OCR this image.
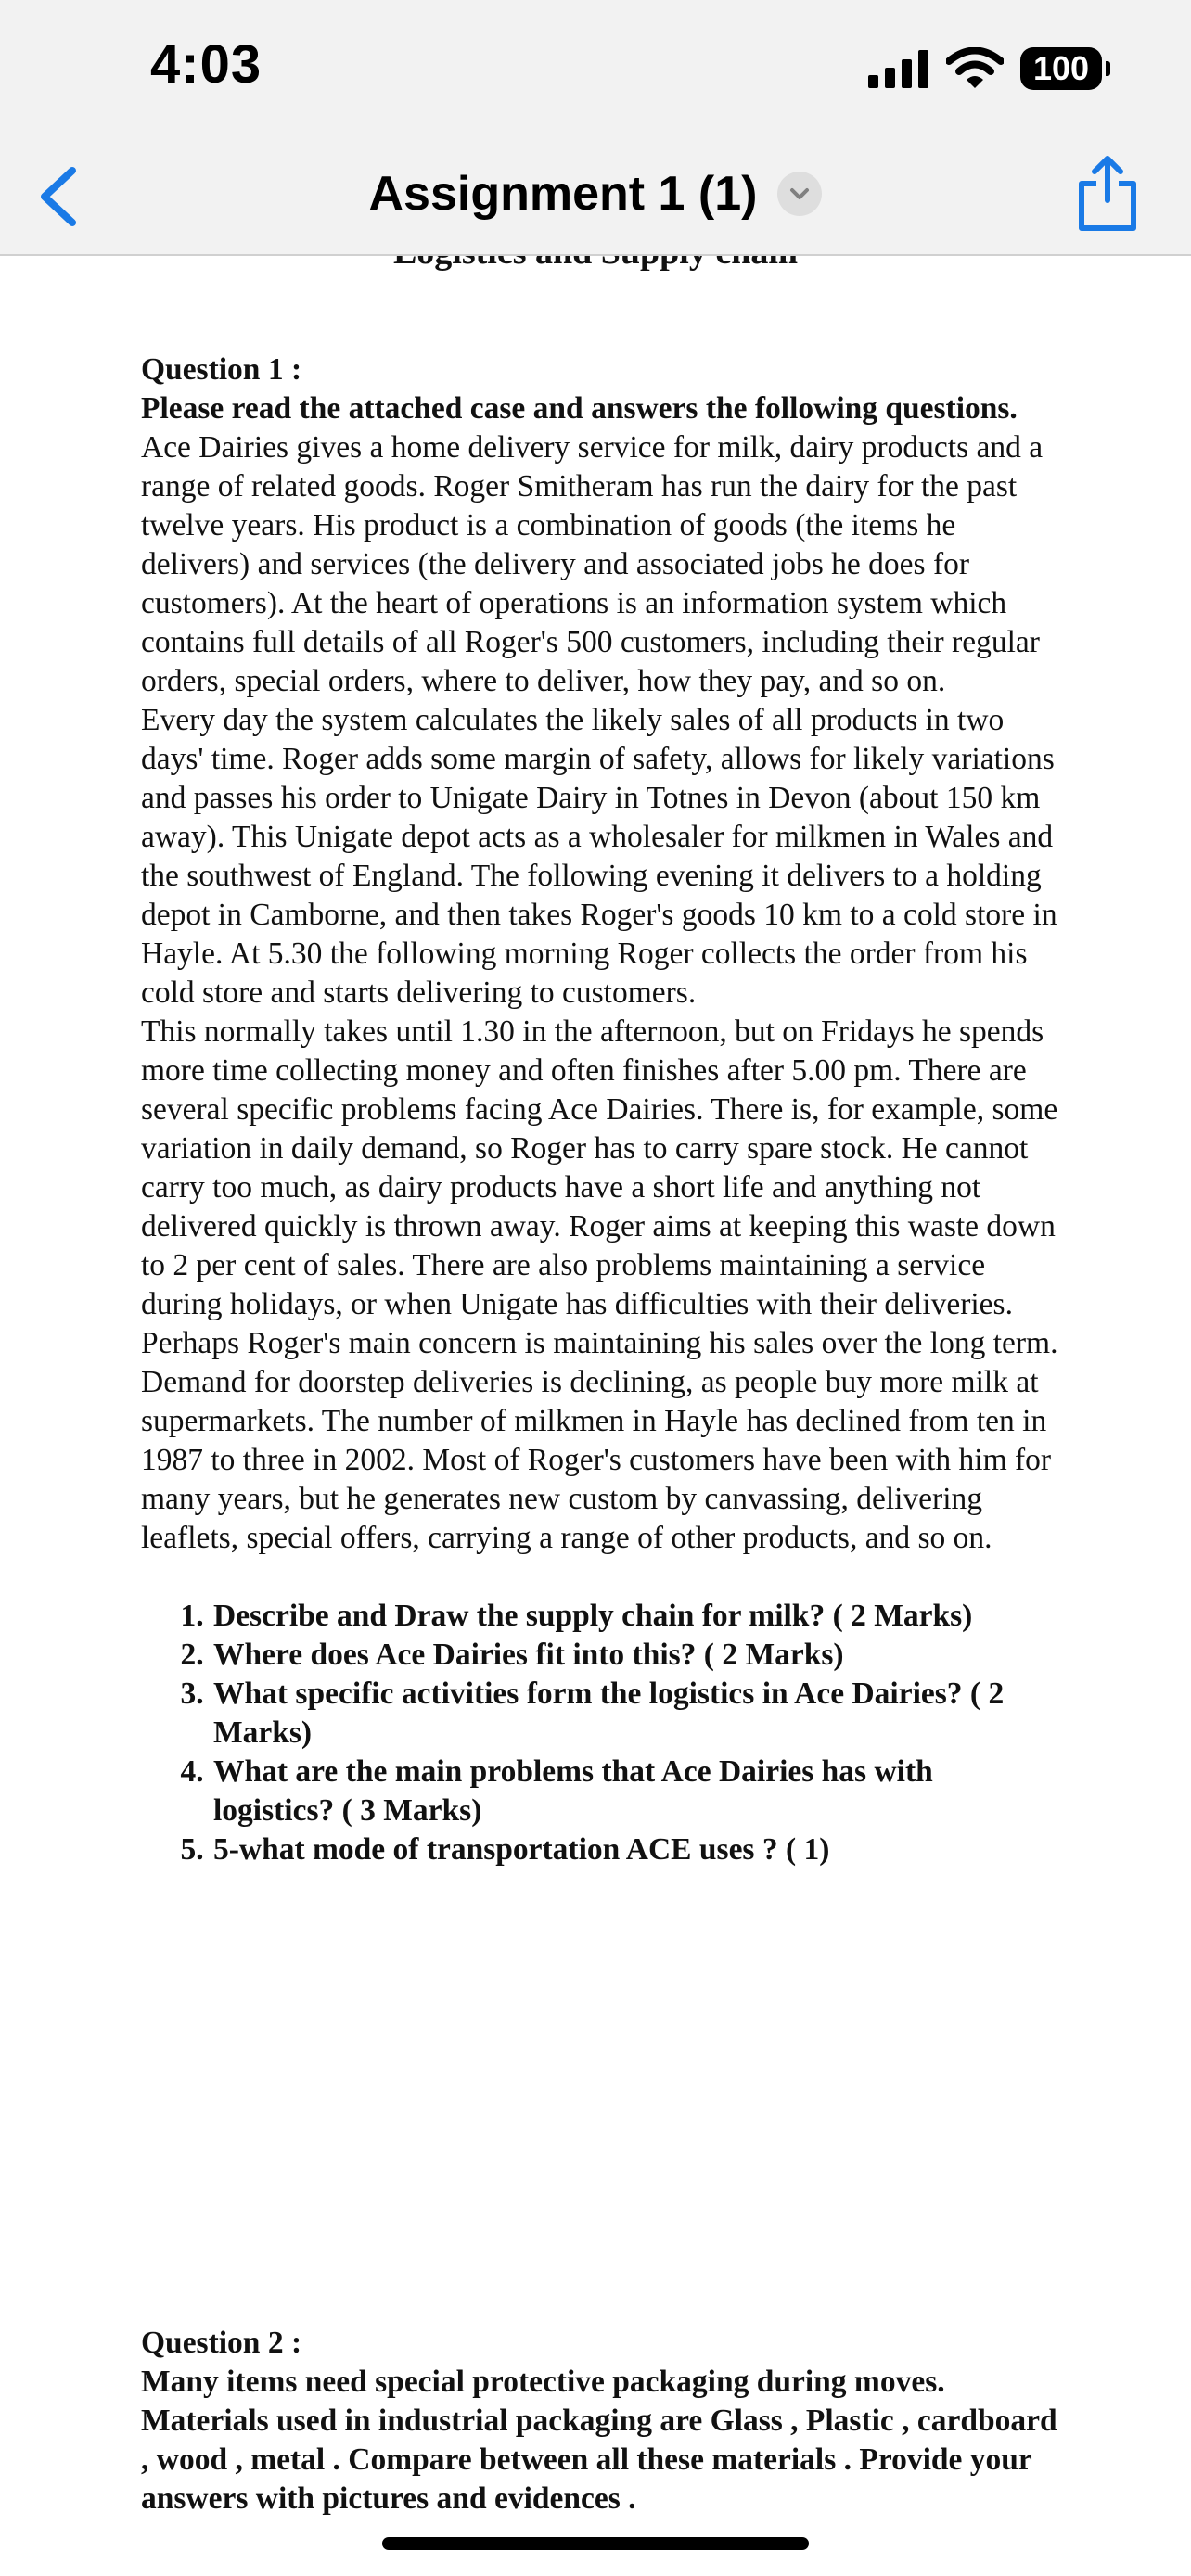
4:03	100
Assignment 1 (1)

Question 1 :

Please read the attached case and answers the following questions.

Ace Dairies gives a home delivery service for milk, dairy products and a range of related goods. Roger Smitheram has run the dairy for the past twelve years. His product is a combination of goods (the items he delivers) and services (the delivery and associated jobs he does for customers). At the heart of operations is an information system which contains full details of all Roger's 500 customers, including their regular orders, special orders, where to deliver, how they pay, and so on.

Every day the system calculates the likely sales of all products in two days' time. Roger adds some margin of safety, allows for likely variations and passes his order to Unigate Dairy in Totnes in Devon (about 150 km away). This Unigate depot acts as a wholesaler for milkmen in Wales and the southwest of England. The following evening it delivers to a holding depot in Camborne, and then takes Roger's goods 10 km to a cold store in Hayle. At 5.30 the following morning Roger collects the order from his cold store and starts delivering to customers.

This normally takes until 1.30 in the afternoon, but on Fridays he spends more time collecting money and often finishes after 5.00 pm. There are several specific problems facing Ace Dairies. There is, for example, some variation in daily demand, so Roger has to carry spare stock. He cannot carry too much, as dairy products have a short life and anything not delivered quickly is thrown away. Roger aims at keeping this waste down to 2 per cent of sales. There are also problems maintaining a service during holidays, or when Unigate has difficulties with their deliveries. Perhaps Roger's main concern is maintaining his sales over the long term. Demand for doorstep deliveries is declining, as people buy more milk at supermarkets. The number of milkmen in Hayle has declined from ten in 1987 to three in 2002. Most of Roger's customers have been with him for many years, but he generates new custom by canvassing, delivering leaflets, special offers, carrying a range of other products, and so on.

1. Describe and Draw the supply chain for milk? ( 2 Marks)
2. Where does Ace Dairies fit into this? ( 2 Marks)
3. What specific activities form the logistics in Ace Dairies? ( 2 Marks)
4. What are the main problems that Ace Dairies has with logistics? ( 3 Marks)
5. 5-what mode of transportation ACE uses ? ( 1)

Question 2 :

Many items need special protective packaging during moves. Materials used in industrial packaging are Glass , Plastic , cardboard , wood , metal . Compare between all these materials . Provide your answers with pictures and evidences .
